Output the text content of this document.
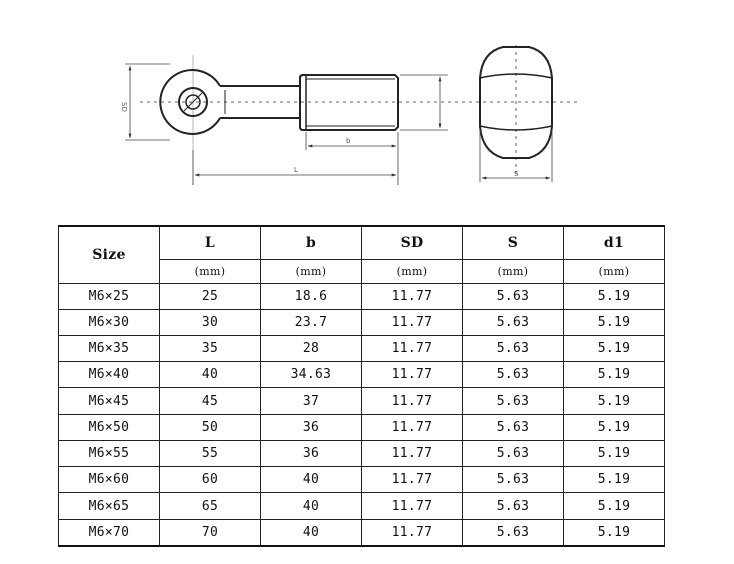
SD
b
L	S
Size	L	b	SD	S	d1
	(mm)	(mm)	(mm)	(mm)	(mm)
M6×25	25	18.6	11.77	5.63	5.19
M6×30	30	23.7	11.77	5.63	5.19
M6×35	35	28	11.77	5.63	5.19
M6×40	40	34.63	11.77	5.63	5.19
M6×45	45	37	11.77	5.63	5.19
M6×50	50	36	11.77	5.63	5.19
M6×55	55	36	11.77	5.63	5.19
M6×60	60	40	11.77	5.63	5.19
M6×65	65	40	11.77	5.63	5.19
M6×70	70	40	11.77	5.63	5.19
